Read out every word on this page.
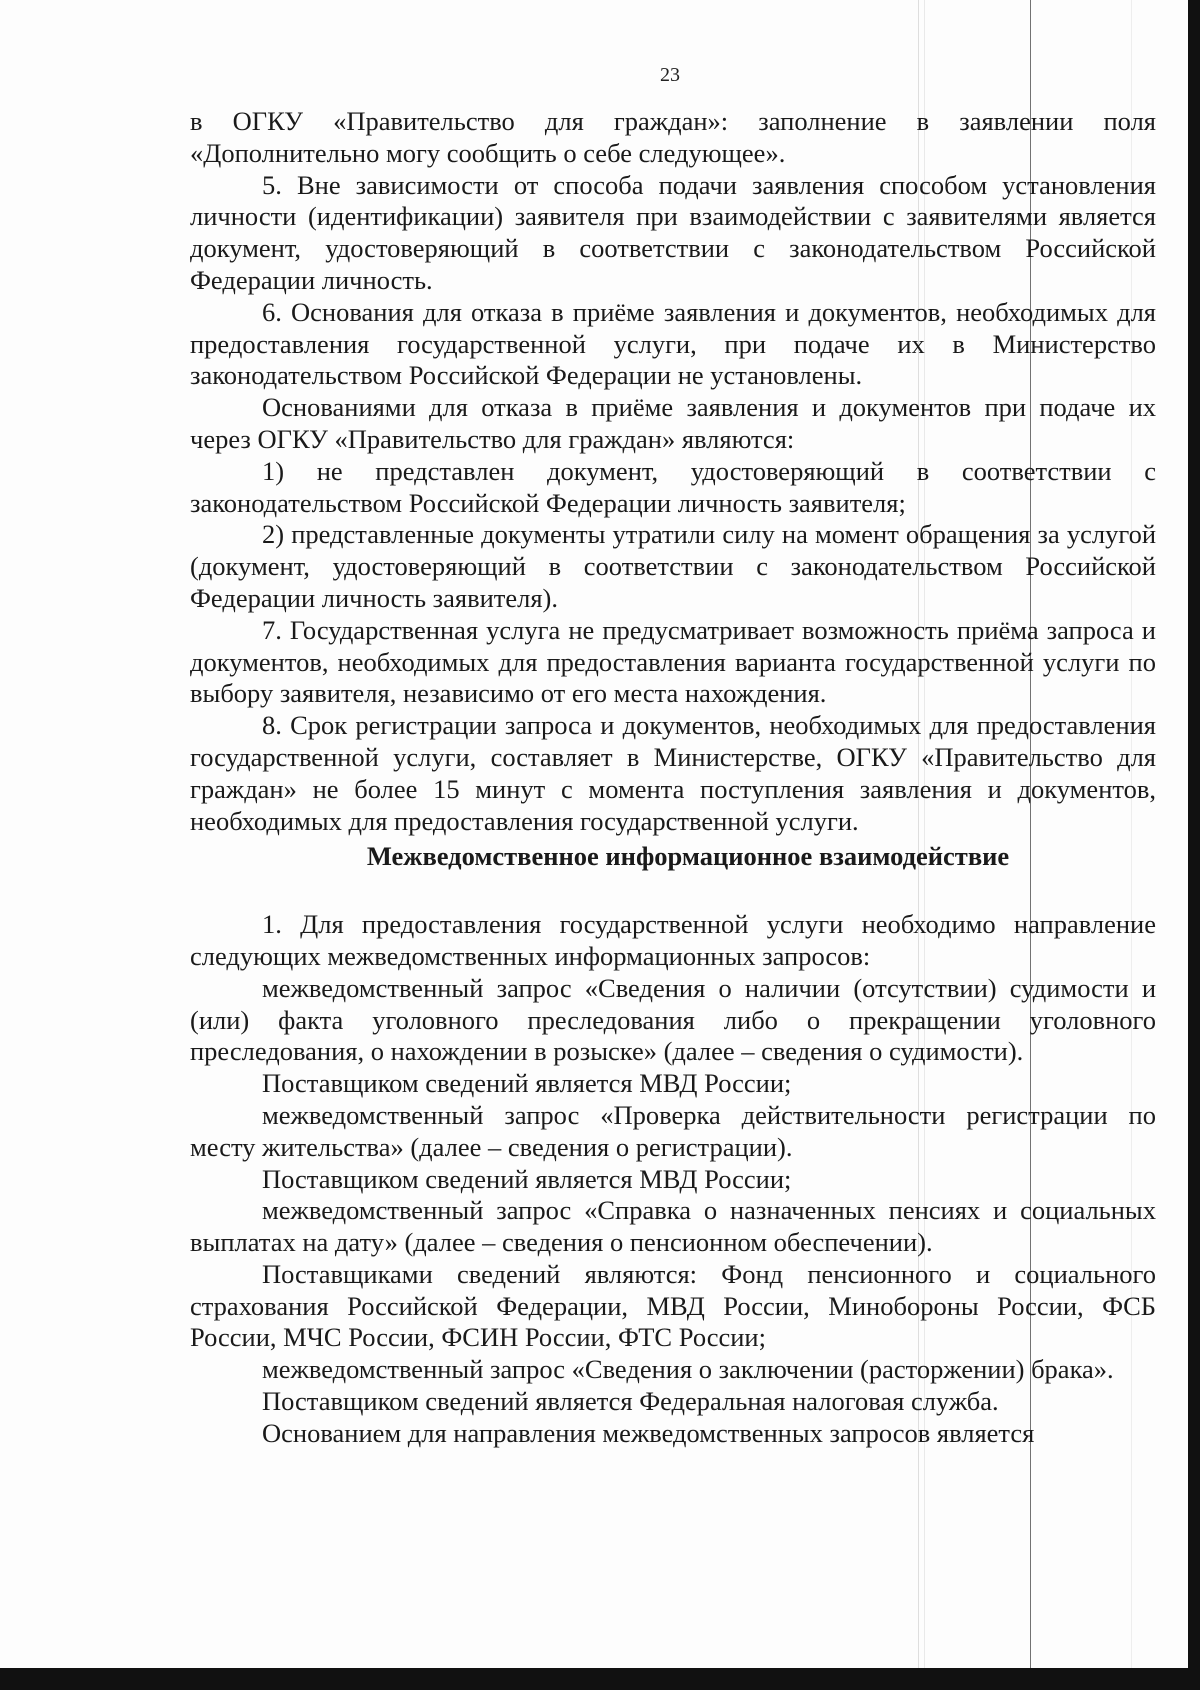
23

в ОГКУ «Правительство для граждан»: заполнение в заявлении поля «Дополнительно могу сообщить о себе следующее».

5. Вне зависимости от способа подачи заявления способом установления личности (идентификации) заявителя при взаимодействии с заявителями является документ, удостоверяющий в соответствии с законодательством Российской Федерации личность.

6. Основания для отказа в приёме заявления и документов, необходимых для предоставления государственной услуги, при подаче их в Министерство законодательством Российской Федерации не установлены.

Основаниями для отказа в приёме заявления и документов при подаче их через ОГКУ «Правительство для граждан» являются:

1) не представлен документ, удостоверяющий в соответствии с законодательством Российской Федерации личность заявителя;

2) представленные документы утратили силу на момент обращения за услугой (документ, удостоверяющий в соответствии с законодательством Российской Федерации личность заявителя).

7. Государственная услуга не предусматривает возможность приёма запроса и документов, необходимых для предоставления варианта государственной услуги по выбору заявителя, независимо от его места нахождения.

8. Срок регистрации запроса и документов, необходимых для предоставления государственной услуги, составляет в Министерстве, ОГКУ «Правительство для граждан» не более 15 минут с момента поступления заявления и документов, необходимых для предоставления государственной услуги.

Межведомственное информационное взаимодействие

1. Для предоставления государственной услуги необходимо направление следующих межведомственных информационных запросов:

межведомственный запрос «Сведения о наличии (отсутствии) судимости и (или) факта уголовного преследования либо о прекращении уголовного преследования, о нахождении в розыске» (далее – сведения о судимости).

Поставщиком сведений является МВД России;

межведомственный запрос «Проверка действительности регистрации по месту жительства» (далее – сведения о регистрации).

Поставщиком сведений является МВД России;

межведомственный запрос «Справка о назначенных пенсиях и социальных выплатах на дату» (далее – сведения о пенсионном обеспечении).

Поставщиками сведений являются: Фонд пенсионного и социального страхования Российской Федерации, МВД России, Минобороны России, ФСБ России, МЧС России, ФСИН России, ФТС России;

межведомственный запрос «Сведения о заключении (расторжении) брака».

Поставщиком сведений является Федеральная налоговая служба.

Основанием для направления межведомственных запросов является
